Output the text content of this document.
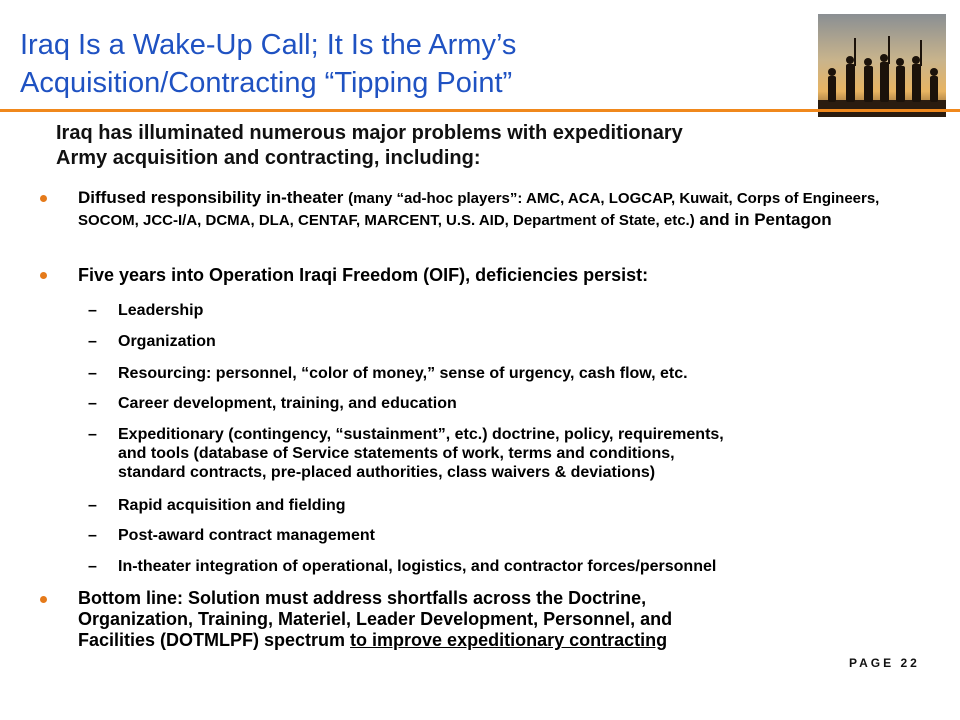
Iraq Is a Wake-Up Call; It Is the Army’s
Acquisition/Contracting “Tipping Point”
Iraq has illuminated numerous major problems with expeditionary
Army acquisition and contracting, including:
Diffused responsibility in-theater (many “ad-hoc players”: AMC, ACA, LOGCAP, Kuwait, Corps of Engineers, SOCOM, JCC-I/A, DCMA, DLA, CENTAF, MARCENT, U.S. AID, Department of State, etc.) and in Pentagon
Five years into Operation Iraqi Freedom (OIF), deficiencies persist:
– Leadership
– Organization
– Resourcing: personnel, “color of money,” sense of urgency, cash flow, etc.
– Career development, training, and education
– Expeditionary (contingency, “sustainment”, etc.) doctrine, policy, requirements,
and tools (database of Service statements of work, terms and conditions,
standard contracts, pre-placed authorities, class waivers & deviations)
– Rapid acquisition and fielding
– Post-award contract management
– In-theater integration of operational, logistics, and contractor forces/personnel
Bottom line: Solution must address shortfalls across the Doctrine,
Organization, Training, Materiel, Leader Development, Personnel, and
Facilities (DOTMLPF) spectrum to improve expeditionary contracting
PAGE 22
